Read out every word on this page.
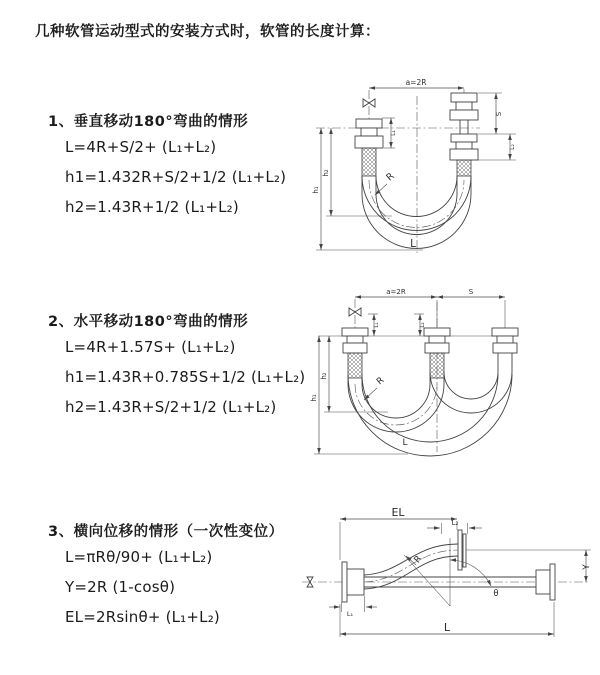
几种软管运动型式的安装方式时，软管的长度计算：
1、垂直移动180°弯曲的情形
L=4R+S/2+ (L₁+L₂)
h1=1.432R+S/2+1/2 (L₁+L₂)
h2=1.43R+1/2 (L₁+L₂)
2、水平移动180°弯曲的情形
L=4R+1.57S+ (L₁+L₂)
h1=1.43R+0.785S+1/2 (L₁+L₂)
h2=1.43R+S/2+1/2 (L₁+L₂)
3、横向位移的情形（一次性变位）
L=πRθ/90+ (L₁+L₂)
Y=2R (1-cosθ)
EL=2Rsinθ+ (L₁+L₂)
a=2R
L₁
S
L₂
h₁
h₂	R
L
a=2R	S
L₁	L₂
h₁
h₂	R
L
EL
L₂
Y
R
θ
L
L₁
